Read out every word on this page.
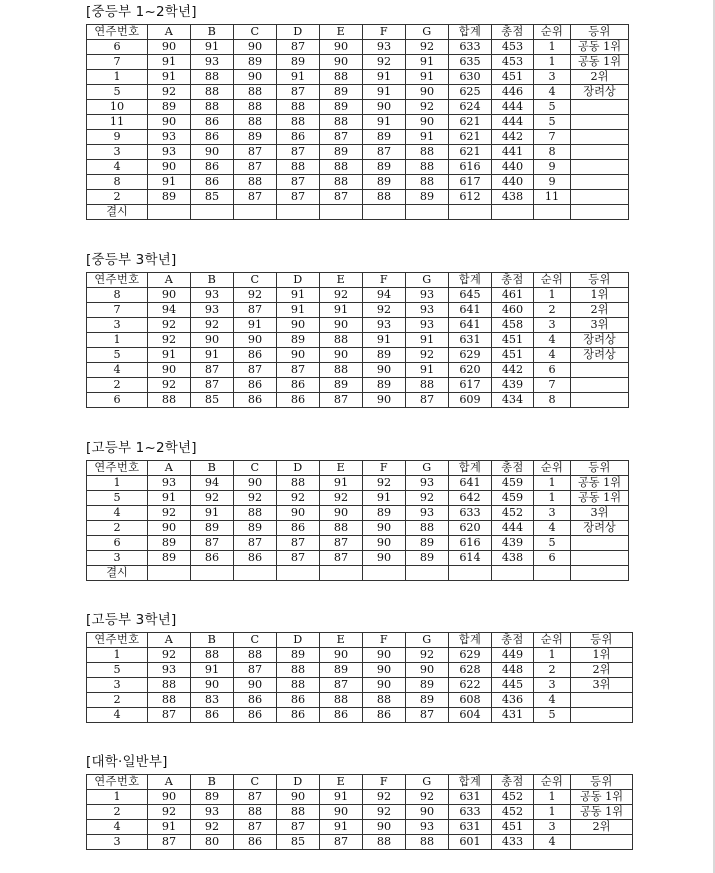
[중등부 1~2학년]
연주번호	A	B	C	D	E	F	G	합계	총점	순위	등위
6	90	91	90	87	90	93	92	633	453	1	공동 1위
7	91	93	89	89	90	92	91	635	453	1	공동 1위
1	91	88	90	91	88	91	91	630	451	3	2위
5	92	88	88	87	89	91	90	625	446	4	장려상
10	89	88	88	88	89	90	92	624	444	5	
11	90	86	88	88	88	91	90	621	444	5	
9	93	86	89	86	87	89	91	621	442	7	
3	93	90	87	87	89	87	88	621	441	8	
4	90	86	87	88	88	89	88	616	440	9	
8	91	86	88	87	88	89	88	617	440	9	
2	89	85	87	87	87	88	89	612	438	11	
결시											
[중등부 3학년]
연주번호	A	B	C	D	E	F	G	합계	총점	순위	등위
8	90	93	92	91	92	94	93	645	461	1	1위
7	94	93	87	91	91	92	93	641	460	2	2위
3	92	92	91	90	90	93	93	641	458	3	3위
1	92	90	90	89	88	91	91	631	451	4	장려상
5	91	91	86	90	90	89	92	629	451	4	장려상
4	90	87	87	87	88	90	91	620	442	6	
2	92	87	86	86	89	89	88	617	439	7	
6	88	85	86	86	87	90	87	609	434	8	
[고등부 1~2학년]
연주번호	A	B	C	D	E	F	G	합계	총점	순위	등위
1	93	94	90	88	91	92	93	641	459	1	공동 1위
5	91	92	92	92	92	91	92	642	459	1	공동 1위
4	92	91	88	90	90	89	93	633	452	3	3위
2	90	89	89	86	88	90	88	620	444	4	장려상
6	89	87	87	87	87	90	89	616	439	5	
3	89	86	86	87	87	90	89	614	438	6	
결시											
[고등부 3학년]
연주번호	A	B	C	D	E	F	G	합계	총점	순위	등위
1	92	88	88	89	90	90	92	629	449	1	1위
5	93	91	87	88	89	90	90	628	448	2	2위
3	88	90	90	88	87	90	89	622	445	3	3위
2	88	83	86	86	88	88	89	608	436	4	
4	87	86	86	86	86	86	87	604	431	5	
[대학·일반부]
연주번호	A	B	C	D	E	F	G	합계	총점	순위	등위
1	90	89	87	90	91	92	92	631	452	1	공동 1위
2	92	93	88	88	90	92	90	633	452	1	공동 1위
4	91	92	87	87	91	90	93	631	451	3	2위
3	87	80	86	85	87	88	88	601	433	4	
